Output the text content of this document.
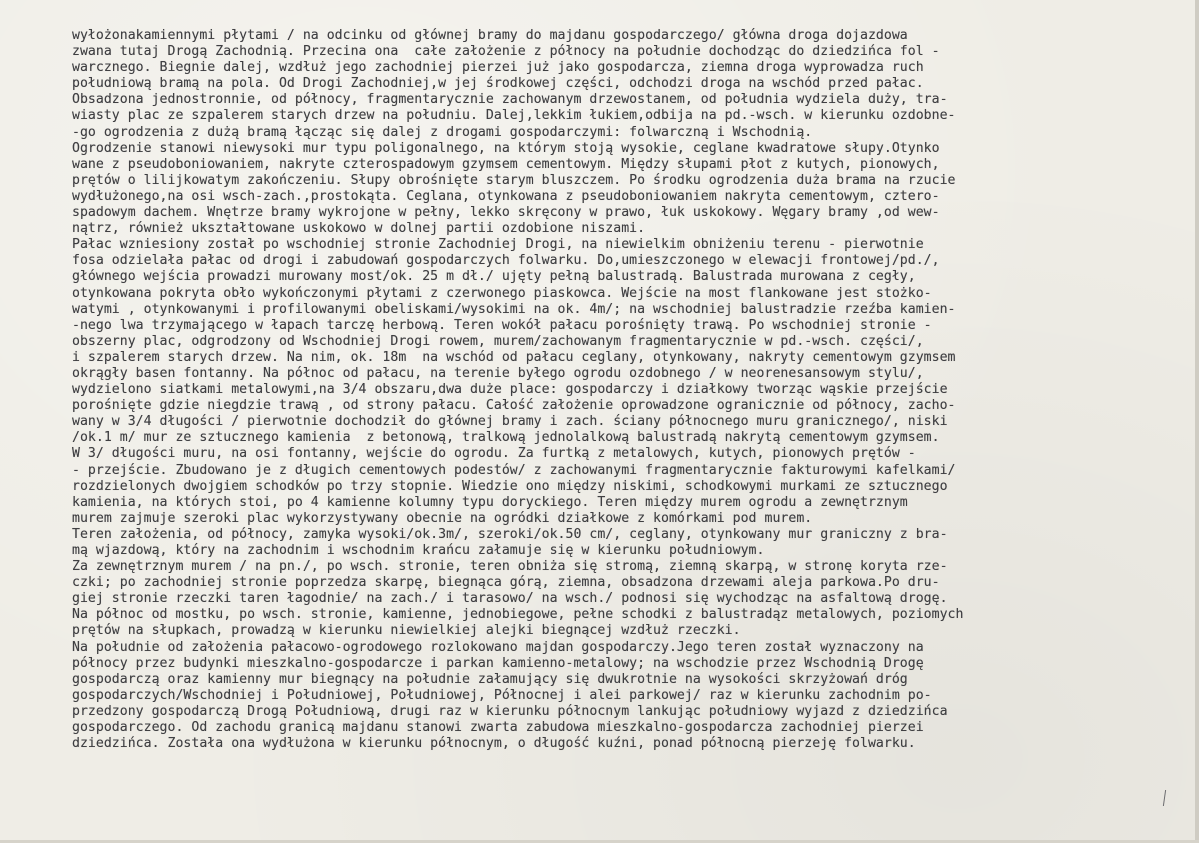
wyłożonakamiennymi płytami / na odcinku od głównej bramy do majdanu gospodarczego/ główna droga dojazdowa
zwana tutaj Drogą Zachodnią. Przecina ona  całe założenie z północy na południe dochodząc do dziedzińca fol -
warcznego. Biegnie dalej, wzdłuż jego zachodniej pierzei już jako gospodarcza, ziemna droga wyprowadza ruch
południową bramą na pola. Od Drogi Zachodniej,w jej środkowej części, odchodzi droga na wschód przed pałac.
Obsadzona jednostronnie, od północy, fragmentarycznie zachowanym drzewostanem, od południa wydziela duży, tra-
wiasty plac ze szpalerem starych drzew na południu. Dalej,lekkim łukiem,odbija na pd.-wsch. w kierunku ozdobne-
-go ogrodzenia z dużą bramą łącząc się dalej z drogami gospodarczymi: folwarczną i Wschodnią.
Ogrodzenie stanowi niewysoki mur typu poligonalnego, na którym stoją wysokie, ceglane kwadratowe słupy.Otynko
wane z pseudoboniowaniem, nakryte czterospadowym gzymsem cementowym. Między słupami płot z kutych, pionowych,
prętów o lilijkowatym zakończeniu. Słupy obrośnięte starym bluszczem. Po środku ogrodzenia duża brama na rzucie
wydłużonego,na osi wsch-zach.,prostokąta. Ceglana, otynkowana z pseudoboniowaniem nakryta cementowym, cztero-
spadowym dachem. Wnętrze bramy wykrojone w pełny, lekko skręcony w prawo, łuk uskokowy. Węgary bramy ,od wew-
nątrz, również ukształtowane uskokowo w dolnej partii ozdobione niszami.
Pałac wzniesiony został po wschodniej stronie Zachodniej Drogi, na niewielkim obniżeniu terenu - pierwotnie
fosa odzielała pałac od drogi i zabudowań gospodarczych folwarku. Do,umieszczonego w elewacji frontowej/pd./,
głównego wejścia prowadzi murowany most/ok. 25 m dł./ ujęty pełną balustradą. Balustrada murowana z cegły,
otynkowana pokryta obło wykończonymi płytami z czerwonego piaskowca. Wejście na most flankowane jest stożko-
watymi , otynkowanymi i profilowanymi obeliskami/wysokimi na ok. 4m/; na wschodniej balustradzie rzeźba kamien-
-nego lwa trzymającego w łapach tarczę herbową. Teren wokół pałacu porośnięty trawą. Po wschodniej stronie -
obszerny plac, odgrodzony od Wschodniej Drogi rowem, murem/zachowanym fragmentarycznie w pd.-wsch. części/,
i szpalerem starych drzew. Na nim, ok. 18m  na wschód od pałacu ceglany, otynkowany, nakryty cementowym gzymsem
okrągły basen fontanny. Na północ od pałacu, na terenie byłego ogrodu ozdobnego / w neorenesansowym stylu/,
wydzielono siatkami metalowymi,na 3/4 obszaru,dwa duże place: gospodarczy i działkowy tworząc wąskie przejście
porośnięte gdzie niegdzie trawą , od strony pałacu. Całość założenie oprowadzone ogranicznie od północy, zacho-
wany w 3/4 długości / pierwotnie dochodził do głównej bramy i zach. ściany północnego muru granicznego/, niski
/ok.1 m/ mur ze sztucznego kamienia  z betonową, tralkową jednolalkową balustradą nakrytą cementowym gzymsem.
W 3/ długości muru, na osi fontanny, wejście do ogrodu. Za furtką z metalowych, kutych, pionowych prętów -
- przejście. Zbudowano je z długich cementowych podestów/ z zachowanymi fragmentarycznie fakturowymi kafelkami/
rozdzielonych dwojgiem schodków po trzy stopnie. Wiedzie ono między niskimi, schodkowymi murkami ze sztucznego
kamienia, na których stoi, po 4 kamienne kolumny typu doryckiego. Teren między murem ogrodu a zewnętrznym
murem zajmuje szeroki plac wykorzystywany obecnie na ogródki działkowe z komórkami pod murem.
Teren założenia, od północy, zamyka wysoki/ok.3m/, szeroki/ok.50 cm/, ceglany, otynkowany mur graniczny z bra-
mą wjazdową, który na zachodnim i wschodnim krańcu załamuje się w kierunku południowym.
Za zewnętrznym murem / na pn./, po wsch. stronie, teren obniża się stromą, ziemną skarpą, w stronę koryta rze-
czki; po zachodniej stronie poprzedza skarpę, biegnąca górą, ziemna, obsadzona drzewami aleja parkowa.Po dru-
giej stronie rzeczki taren łagodnie/ na zach./ i tarasowo/ na wsch./ podnosi się wychodząc na asfaltową drogę.
Na północ od mostku, po wsch. stronie, kamienne, jednobiegowe, pełne schodki z balustradąz metalowych, poziomych
prętów na słupkach, prowadzą w kierunku niewielkiej alejki biegnącej wzdłuż rzeczki.
Na południe od założenia pałacowo-ogrodowego rozlokowano majdan gospodarczy.Jego teren został wyznaczony na
północy przez budynki mieszkalno-gospodarcze i parkan kamienno-metalowy; na wschodzie przez Wschodnią Drogę
gospodarczą oraz kamienny mur biegnący na południe załamujący się dwukrotnie na wysokości skrzyżowań dróg
gospodarczych/Wschodniej i Południowej, Południowej, Północnej i alei parkowej/ raz w kierunku zachodnim po-
przedzony gospodarczą Drogą Południową, drugi raz w kierunku północnym lankując południowy wyjazd z dziedzińca
gospodarczego. Od zachodu granicą majdanu stanowi zwarta zabudowa mieszkalno-gospodarcza zachodniej pierzei
dziedzińca. Została ona wydłużona w kierunku północnym, o długość kuźni, ponad północną pierzeję folwarku.
